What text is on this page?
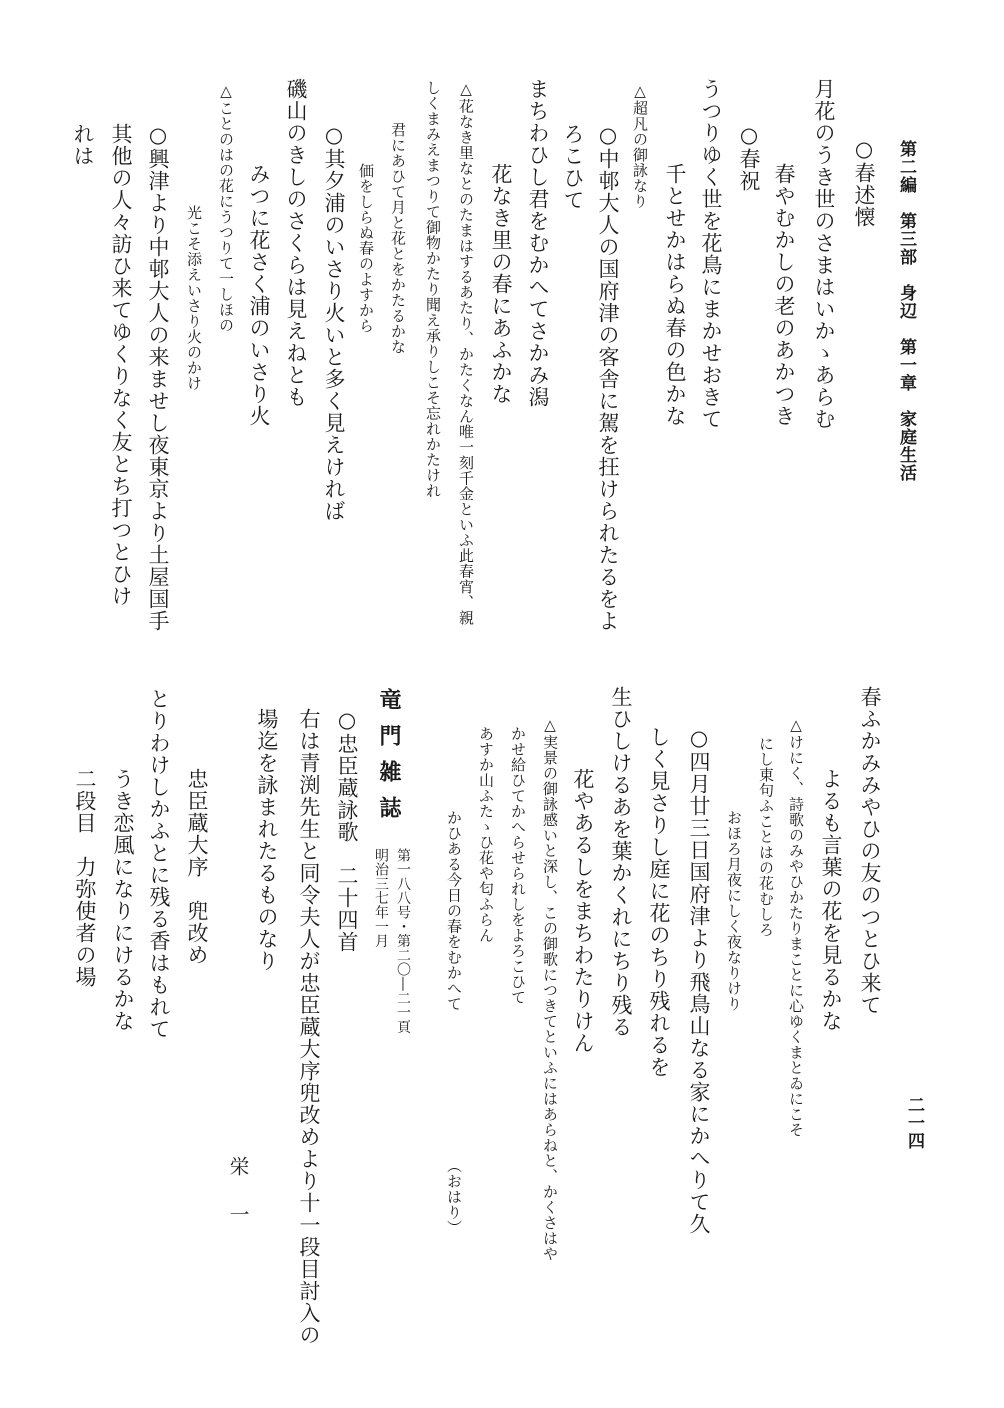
第二編　第三部　身辺　第一章　家庭生活
二一四
○春述懐
月花のうき世のさまはいかゝあらむ
春やむかしの老のあかつき
○春祝
うつりゆく世を花鳥にまかせおきて
千とせかはらぬ春の色かな
△超凡の御詠なり
○中邨大人の国府津の客舎に駕を抂けられたるをよ
ろこひて
まちわひし君をむかへてさかみ潟
花なき里の春にあふかな
△花なき里なとのたまはするあたり、かたくなん唯一刻千金といふ此春宵、親
しくまみえまつりて御物かたり聞え承りしこそ忘れかたけれ
君にあひて月と花とをかたるかな
価をしらぬ春のよすから
○其夕浦のいさり火いと多く見えければ
磯山のきしのさくらは見えねとも
みつに花さく浦のいさり火
△ことのはの花にうつりて一しほの
光こそ添えいさり火のかけ
○興津より中邨大人の来ませし夜東京より土屋国手
其他の人々訪ひ来てゆくりなく友とち打つとひけ
れは
春ふかみみやひの友のつとひ来て
よるも言葉の花を見るかな
△けにく、詩歌のみやひかたりまことに心ゆくまとゐにこそ
にし東句ふことはの花むしろ
おほろ月夜にしく夜なりけり
○四月廿三日国府津より飛鳥山なる家にかへりて久
しく見さりし庭に花のちり残れるを
生ひしけるあを葉かくれにちり残る
花やあるしをまちわたりけん
△実景の御詠感いと深し、この御歌につきてといふにはあらねと、かくさはや
かせ給ひてかへらせられしをよろこひて
あすか山ふたゝひ花や匂ふらん
かひある今日の春をむかへて
（おはり）
竜門雑誌
第一八八号・第二〇―二一頁
明治三七年一月
○忠臣蔵詠歌　二十四首
右は青渕先生と同令夫人が忠臣蔵大序兜改めより十一段目討入の
場迄を詠まれたるものなり
栄一
忠臣蔵大序　兜改め
とりわけしかふとに残る香はもれて
うき恋風になりにけるかな
二段目　力弥使者の場
